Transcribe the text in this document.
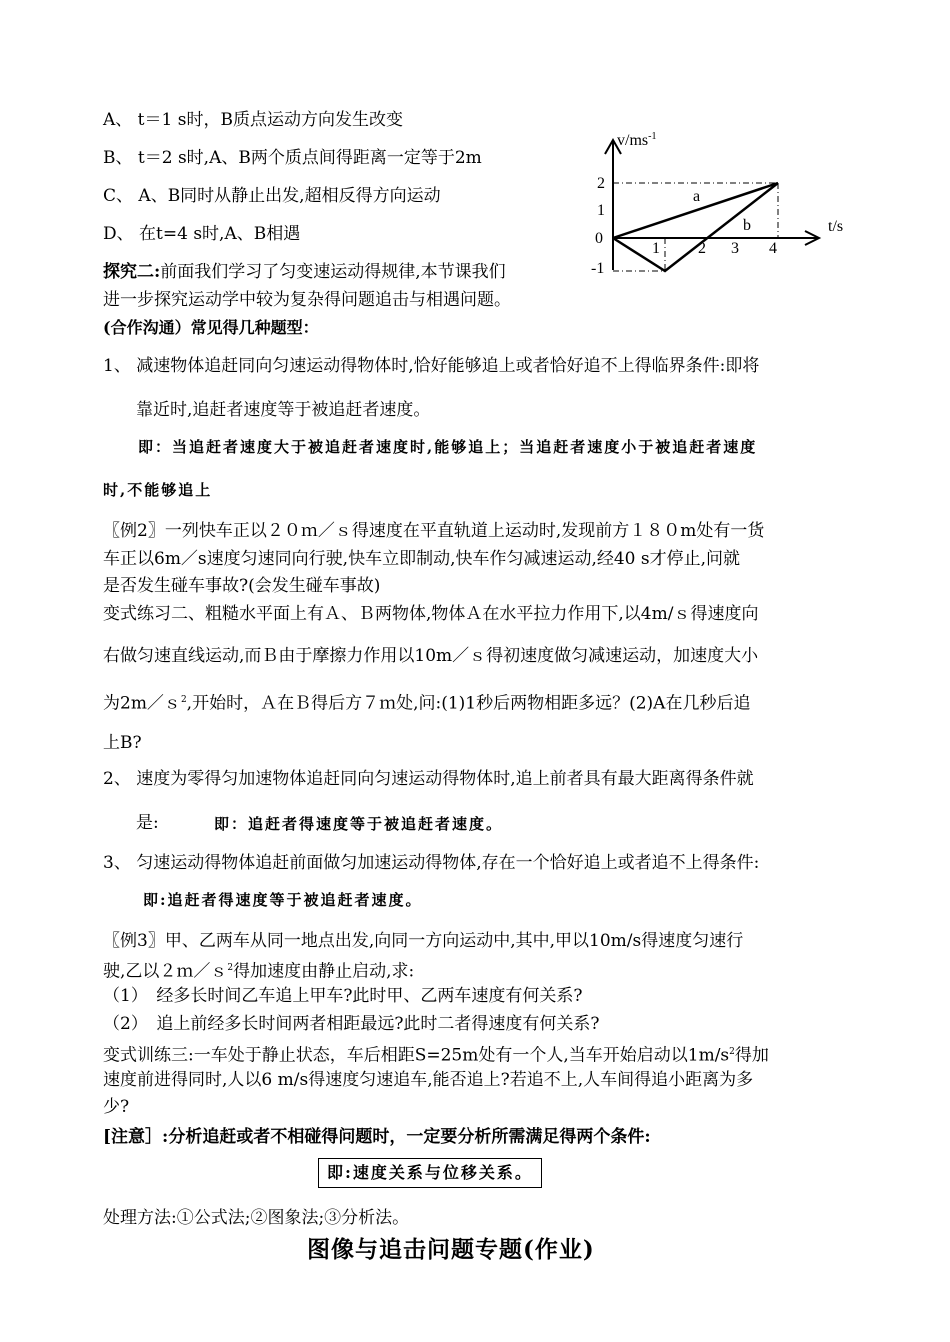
A、 t＝1 s时，B质点运动方向发生改变
B、 t＝2 s时,A、B两个质点间得距离一定等于2m
C、 A、B同时从静止出发,超相反得方向运动
D、 在t=4 s时,A、B相遇
探究二:前面我们学习了匀变速运动得规律,本节课我们
进一步探究运动学中较为复杂得问题追击与相遇问题。
(合作沟通）常见得几种题型：
1、 减速物体追赶同向匀速运动得物体时,恰好能够追上或者恰好追不上得临界条件:即将
靠近时,追赶者速度等于被追赶者速度。
即：当追赶者速度大于被追赶者速度时,能够追上；当追赶者速度小于被追赶者速度
时,不能够追上
〖例2〗一列快车正以２０ｍ／ｓ得速度在平直轨道上运动时,发现前方１８０m处有一货
车正以6m／s速度匀速同向行驶,快车立即制动,快车作匀减速运动,经40 s才停止,问就
是否发生碰车事故?(会发生碰车事故)
变式练习二、粗糙水平面上有Ａ、Ｂ两物体,物体Ａ在水平拉力作用下,以4m/ｓ得速度向
右做匀速直线运动,而Ｂ由于摩擦力作用以10m／ｓ得初速度做匀减速运动，加速度大小
为2m／ｓ$^2$,开始时，Ａ在Ｂ得后方７ｍ处,问:(1)1秒后两物相距多远？(2)A在几秒后追
上B?
2、 速度为零得匀加速物体追赶同向匀速运动得物体时,追上前者具有最大距离得条件就
是:	即：追赶者得速度等于被追赶者速度。
3、 匀速运动得物体追赶前面做匀加速运动得物体,存在一个恰好追上或者追不上得条件:
即:追赶者得速度等于被追赶者速度。
〖例3〗甲、乙两车从同一地点出发,向同一方向运动中,其中,甲以10m/s得速度匀速行
驶,乙以２ｍ／ｓ$^2$得加速度由静止启动,求:
（1）　经多长时间乙车追上甲车?此时甲、乙两车速度有何关系?
（2）　追上前经多长时间两者相距最远?此时二者得速度有何关系?
变式训练三:一车处于静止状态，车后相距S=25m处有一个人,当车开始启动以$1m/s^2$得加
速度前进得同时,人以6 m/s得速度匀速追车,能否追上?若追不上,人车间得追小距离为多
少?
[注意］:分析追赶或者不相碰得问题时，一定要分析所需满足得两个条件:
即:速度关系与位移关系。
处理方法:①公式法;②图象法;③分析法。
图像与追击问题专题(作业)
$v/ms^{-1}$
t/s
2
1
0
-1
1 2 3 4
a
b
